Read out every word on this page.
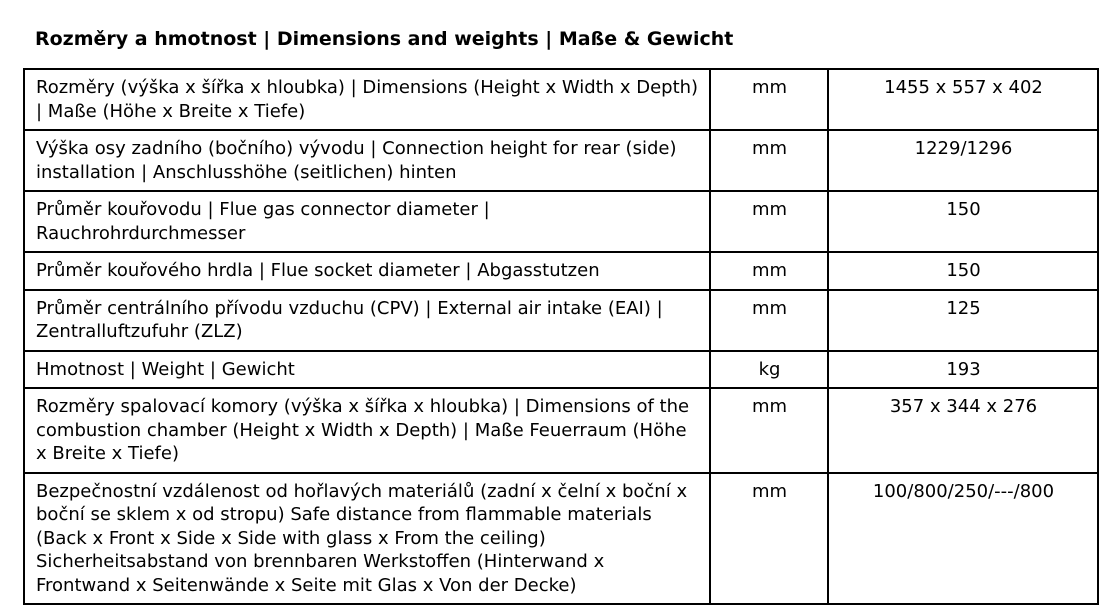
Rozměry a hmotnost | Dimensions and weights | Maße & Gewicht
Rozměry (výška x šířka x hloubka) | Dimensions (Height x Width x Depth) | Maße (Höhe x Breite x Tiefe)	mm	1455 x 557 x 402
Výška osy zadního (bočního) vývodu | Connection height for rear (side) installation | Anschlusshöhe (seitlichen) hinten	mm	1229/1296
Průměr kouřovodu | Flue gas connector diameter | Rauchrohrdurchmesser	mm	150
Průměr kouřového hrdla | Flue socket diameter | Abgasstutzen	mm	150
Průměr centrálního přívodu vzduchu (CPV) | External air intake (EAI) | Zentralluftzufuhr (ZLZ)	mm	125
Hmotnost | Weight | Gewicht	kg	193
Rozměry spalovací komory (výška x šířka x hloubka) | Dimensions of the combustion chamber (Height x Width x Depth) | Maße Feuerraum (Höhe x Breite x Tiefe)	mm	357 x 344 x 276
Bezpečnostní vzdálenost od hořlavých materiálů (zadní x čelní x boční x boční se sklem x od stropu) Safe distance from flammable materials (Back x Front x Side x Side with glass x From the ceiling) Sicherheitsabstand von brennbaren Werkstoffen (Hinterwand x Frontwand x Seitenwände x Seite mit Glas x Von der Decke)	mm	100/800/250/---/800
